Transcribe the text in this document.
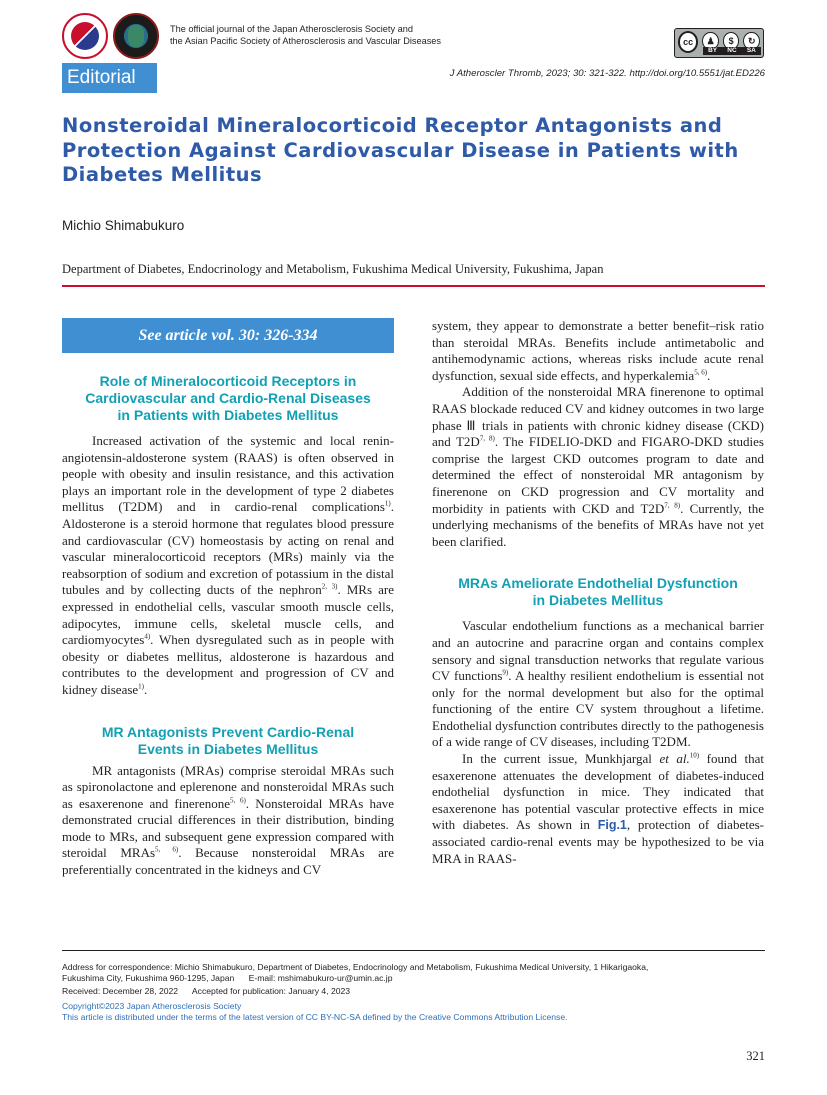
The official journal of the Japan Atherosclerosis Society and
the Asian Pacific Society of Atherosclerosis and Vascular Diseases	cc	♟	$	↻
BY NC SA
Editorial	J Atheroscler Thromb, 2023; 30: 321-322. http://doi.org/10.5551/jat.ED226
Nonsteroidal Mineralocorticoid Receptor Antagonists and
Protection Against Cardiovascular Disease in Patients with
Diabetes Mellitus
Michio Shimabukuro
Department of Diabetes, Endocrinology and Metabolism, Fukushima Medical University, Fukushima, Japan
See article vol. 30: 326-334
Role of Mineralocorticoid Receptors in
Cardiovascular and Cardio-Renal Diseases
in Patients with Diabetes Mellitus

Increased activation of the systemic and local renin-angiotensin-aldosterone system (RAAS) is often observed in people with obesity and insulin resistance, and this activation plays an important role in the development of type 2 diabetes mellitus (T2DM) and in cardio-renal complications$^{1)}$. Aldosterone is a steroid hormone that regulates blood pressure and cardiovascular (CV) homeostasis by acting on renal and vascular mineralocorticoid receptors (MRs) mainly via the reabsorption of sodium and excretion of potassium in the distal tubules and by collecting ducts of the nephron$^{2, 3)}$. MRs are expressed in endothelial cells, vascular smooth muscle cells, adipocytes, immune cells, skeletal muscle cells, and cardiomyocytes$^{4)}$. When dysregulated such as in people with obesity or diabetes mellitus, aldosterone is hazardous and contributes to the development and progression of CV and kidney disease$^{1)}$.

MR Antagonists Prevent Cardio-Renal
Events in Diabetes Mellitus

MR antagonists (MRAs) comprise steroidal MRAs such as spironolactone and eplerenone and nonsteroidal MRAs such as esaxerenone and finerenone$^{5, 6)}$. Nonsteroidal MRAs have demonstrated crucial differences in their distribution, binding mode to MRs, and subsequent gene expression compared with steroidal MRAs$^{5, 6)}$. Because nonsteroidal MRAs are preferentially concentrated in the kidneys and CV

system, they appear to demonstrate a better benefit–risk ratio than steroidal MRAs. Benefits include antimetabolic and antihemodynamic actions, whereas risks include acute renal dysfunction, sexual side effects, and hyperkalemia$^{5, 6)}$.

Addition of the nonsteroidal MRA finerenone to optimal RAAS blockade reduced CV and kidney outcomes in two large phase Ⅲ trials in patients with chronic kidney disease (CKD) and $T2D^{7, 8)}$. The FIDELIO-DKD and FIGARO-DKD studies comprise the largest CKD outcomes program to date and determined the effect of nonsteroidal MR antagonism by finerenone on CKD progression and CV mortality and morbidity in patients with CKD and $T2D^{7, 8)}$. Currently, the underlying mechanisms of the benefits of MRAs have not yet been clarified.

MRAs Ameliorate Endothelial Dysfunction
in Diabetes Mellitus

Vascular endothelium functions as a mechanical barrier and an autocrine and paracrine organ and contains complex sensory and signal transduction networks that regulate various CV functions$^{9)}$. A healthy resilient endothelium is essential not only for the normal development but also for the optimal functioning of the entire CV system throughout a lifetime. Endothelial dysfunction contributes directly to the pathogenesis of a wide range of CV diseases, including T2DM.

In the current issue, Munkhjargal et al.$^{10)}$ found that esaxerenone attenuates the development of diabetes-induced endothelial dysfunction in mice. They indicated that esaxerenone has potential vascular protective effects in mice with diabetes. As shown in Fig.1, protection of diabetes-associated cardio-renal events may be hypothesized to be via MRA in RAAS-

Address for correspondence: Michio Shimabukuro, Department of Diabetes, Endocrinology and Metabolism, Fukushima Medical University, 1 Hikarigaoka,
Fukushima City, Fukushima 960-1295, Japan      E-mail: mshimabukuro-ur@umin.ac.jp
Received: December 28, 2022      Accepted for publication: January 4, 2023
Copyright©2023 Japan Atherosclerosis Society
This article is distributed under the terms of the latest version of CC BY-NC-SA defined by the Creative Commons Attribution License.
321
